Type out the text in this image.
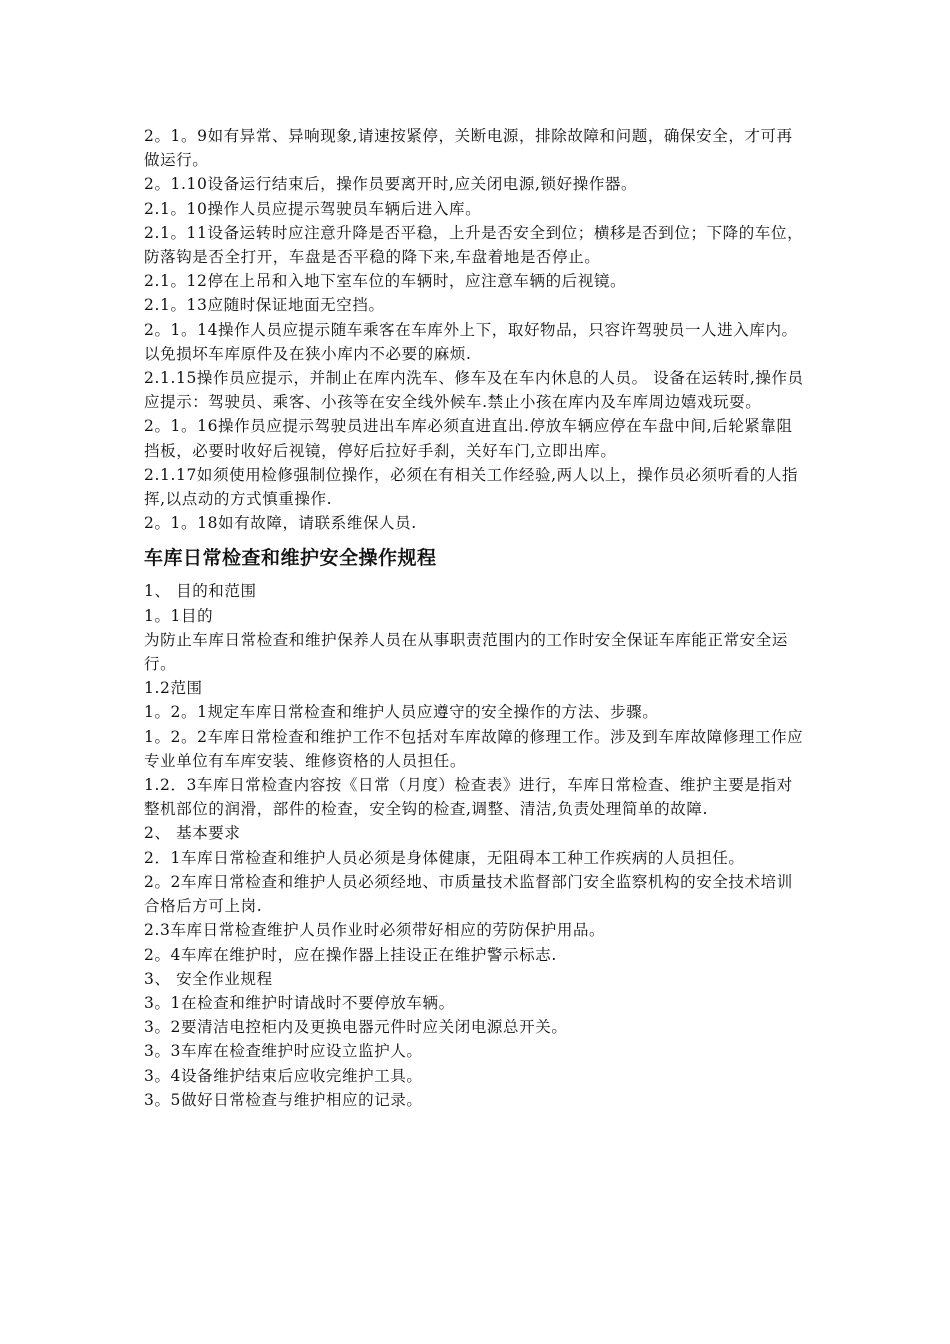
2。1。9如有异常、异响现象,请速按紧停，关断电源，排除故障和问题，确保安全，才可再做运行。

2。1.10设备运行结束后，操作员要离开时,应关闭电源,锁好操作器。

2.1。10操作人员应提示驾驶员车辆后进入库。

2.1。11设备运转时应注意升降是否平稳，上升是否安全到位；横移是否到位；下降的车位，防落钩是否全打开，车盘是否平稳的降下来,车盘着地是否停止。

2.1。12停在上吊和入地下室车位的车辆时，应注意车辆的后视镜。

2.1。13应随时保证地面无空挡。

2。1。14操作人员应提示随车乘客在车库外上下，取好物品，只容许驾驶员一人进入库内。以免损坏车库原件及在狭小库内不必要的麻烦.

2.1.15操作员应提示，并制止在库内洗车、修车及在车内休息的人员。 设备在运转时,操作员应提示：驾驶员、乘客、小孩等在安全线外候车.禁止小孩在库内及车库周边嬉戏玩耍。

2。1。16操作员应提示驾驶员进出车库必须直进直出.停放车辆应停在车盘中间,后轮紧靠阻挡板，必要时收好后视镜，停好后拉好手刹，关好车门,立即出库。

2.1.17如须使用检修强制位操作，必须在有相关工作经验,两人以上，操作员必须听看的人指挥,以点动的方式慎重操作.

2。1。18如有故障，请联系维保人员.

车库日常检查和维护安全操作规程

1、 目的和范围

1。1目的

为防止车库日常检查和维护保养人员在从事职责范围内的工作时安全保证车库能正常安全运行。

1.2范围

1。2。1规定车库日常检查和维护人员应遵守的安全操作的方法、步骤。

1。2。2车库日常检查和维护工作不包括对车库故障的修理工作。涉及到车库故障修理工作应专业单位有车库安装、维修资格的人员担任。

1.2．3车库日常检查内容按《日常（月度）检查表》进行，车库日常检查、维护主要是指对整机部位的润滑，部件的检查，安全钩的检查,调整、清洁,负责处理简单的故障.

2、 基本要求

2．1车库日常检查和维护人员必须是身体健康，无阻碍本工种工作疾病的人员担任。

2。2车库日常检查和维护人员必须经地、市质量技术监督部门安全监察机构的安全技术培训合格后方可上岗.

2.3车库日常检查维护人员作业时必须带好相应的劳防保护用品。

2。4车库在维护时，应在操作器上挂设正在维护警示标志.

3、 安全作业规程

3。1在检查和维护时请战时不要停放车辆。

3。2要清洁电控柜内及更换电器元件时应关闭电源总开关。

3。3车库在检查维护时应设立监护人。

3。4设备维护结束后应收完维护工具。

3。5做好日常检查与维护相应的记录。
